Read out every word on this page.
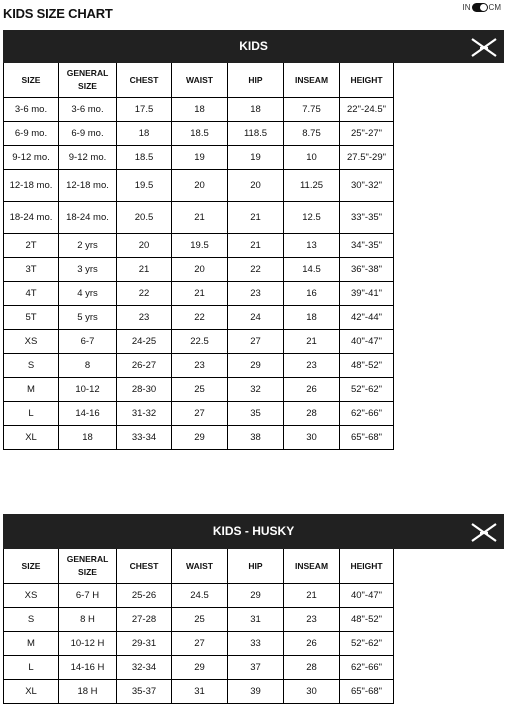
KIDS SIZE CHART	IN CM
KIDS							

SIZE	GENERAL SIZE	CHEST	WAIST	HIP	INSEAM	HEIGHT	
3-6 mo.	3-6 mo.	17.5	18	18	7.75	22"-24.5"	
6-9 mo.	6-9 mo.	18	18.5	118.5	8.75	25"-27"	
9-12 mo.	9-12 mo.	18.5	19	19	10	27.5"-29"	
12-18 mo.	12-18 mo.	19.5	20	20	11.25	30"-32"	
18-24 mo.	18-24 mo.	20.5	21	21	12.5	33"-35"	
2T	2 yrs	20	19.5	21	13	34"-35"	
3T	3 yrs	21	20	22	14.5	36"-38"	
4T	4 yrs	22	21	23	16	39"-41"	
5T	5 yrs	23	22	24	18	42"-44"	
XS	6-7	24-25	22.5	27	21	40"-47"	
S	8	26-27	23	29	23	48"-52"	
M	10-12	28-30	25	32	26	52"-62"	
L	14-16	31-32	27	35	28	62"-66"	
XL	18	33-34	29	38	30	65"-68"	
KIDS - HUSKY							

SIZE	GENERAL SIZE	CHEST	WAIST	HIP	INSEAM	HEIGHT	
XS	6-7 H	25-26	24.5	29	21	40"-47"	
S	8 H	27-28	25	31	23	48"-52"	
M	10-12 H	29-31	27	33	26	52"-62"	
L	14-16 H	32-34	29	37	28	62"-66"	
XL	18 H	35-37	31	39	30	65"-68"	
